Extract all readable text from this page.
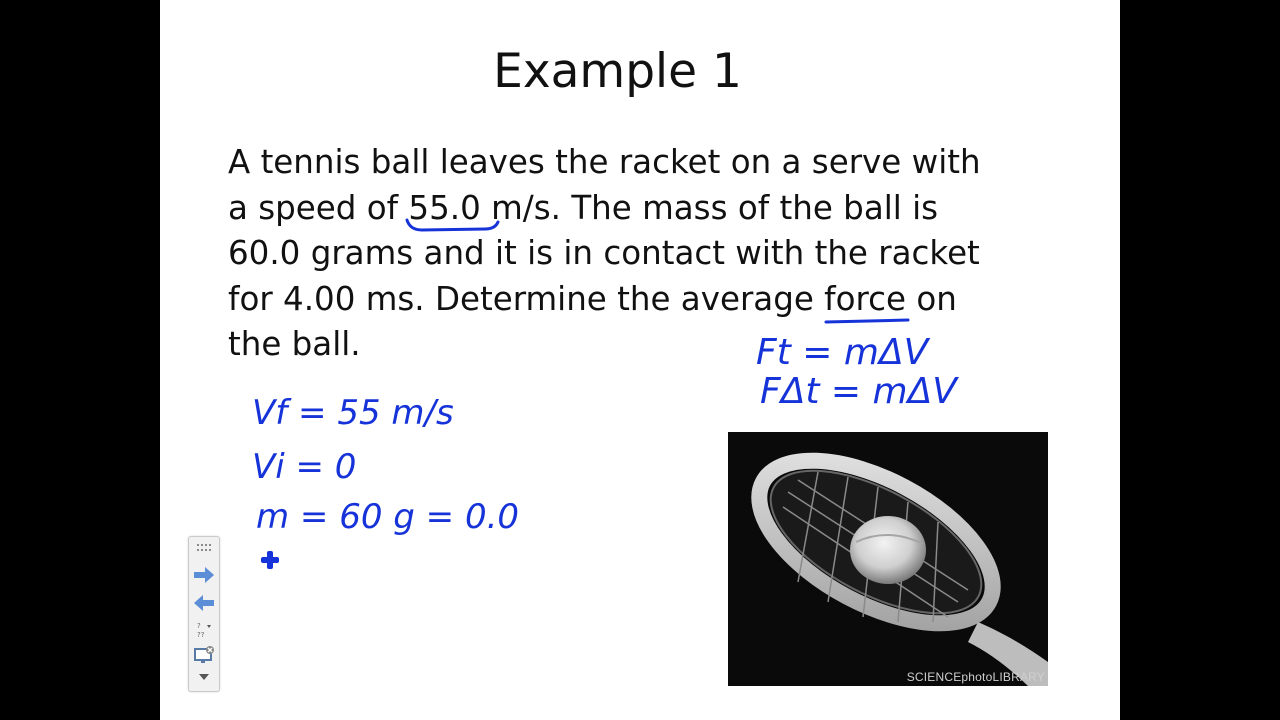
Example 1
A tennis ball leaves the racket on a serve with
a speed of 55.0 m/s. The mass of the ball is
60.0 grams and it is in contact with the racket
for 4.00 ms. Determine the average force on
the ball.	Ft = mΔV
FΔt = mΔV
Vf = 55 m/s
Vi = 0
m = 60 g = 0.0
SCIENCEphotoLIBRARY
?
??
